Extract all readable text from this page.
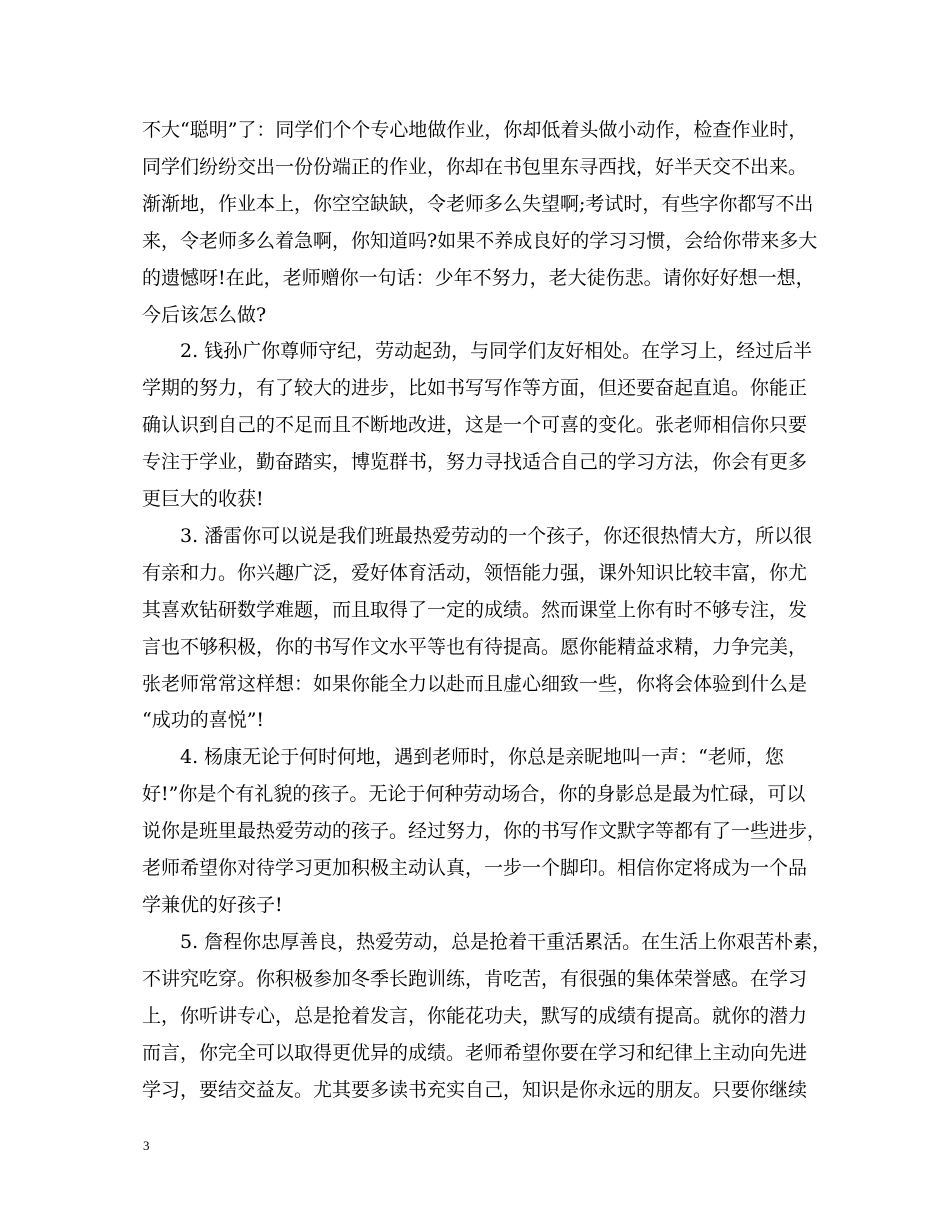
不大“聪明”了：同学们个个专心地做作业，你却低着头做小动作，检查作业时，
同学们纷纷交出一份份端正的作业，你却在书包里东寻西找，好半天交不出来。
渐渐地，作业本上，你空空缺缺，令老师多么失望啊;考试时，有些字你都写不出
来，令老师多么着急啊，你知道吗?如果不养成良好的学习习惯，会给你带来多大
的遗憾呀!在此，老师赠你一句话：少年不努力，老大徒伤悲。请你好好想一想，
今后该怎么做?
2. 钱孙广你尊师守纪，劳动起劲，与同学们友好相处。在学习上，经过后半
学期的努力，有了较大的进步，比如书写写作等方面，但还要奋起直追。你能正
确认识到自己的不足而且不断地改进，这是一个可喜的变化。张老师相信你只要
专注于学业，勤奋踏实，博览群书，努力寻找适合自己的学习方法，你会有更多
更巨大的收获!
3. 潘雷你可以说是我们班最热爱劳动的一个孩子，你还很热情大方，所以很
有亲和力。你兴趣广泛，爱好体育活动，领悟能力强，课外知识比较丰富，你尤
其喜欢钻研数学难题，而且取得了一定的成绩。然而课堂上你有时不够专注，发
言也不够积极，你的书写作文水平等也有待提高。愿你能精益求精，力争完美，
张老师常常这样想：如果你能全力以赴而且虚心细致一些，你将会体验到什么是
“成功的喜悦”!
4. 杨康无论于何时何地，遇到老师时，你总是亲昵地叫一声：“老师，您
好!”你是个有礼貌的孩子。无论于何种劳动场合，你的身影总是最为忙碌，可以
说你是班里最热爱劳动的孩子。经过努力，你的书写作文默字等都有了一些进步，
老师希望你对待学习更加积极主动认真，一步一个脚印。相信你定将成为一个品
学兼优的好孩子!
5. 詹程你忠厚善良，热爱劳动，总是抢着干重活累活。在生活上你艰苦朴素，
不讲究吃穿。你积极参加冬季长跑训练，肯吃苦，有很强的集体荣誉感。在学习
上，你听讲专心，总是抢着发言，你能花功夫，默写的成绩有提高。就你的潜力
而言，你完全可以取得更优异的成绩。老师希望你要在学习和纪律上主动向先进
学习，要结交益友。尤其要多读书充实自己，知识是你永远的朋友。只要你继续
3
